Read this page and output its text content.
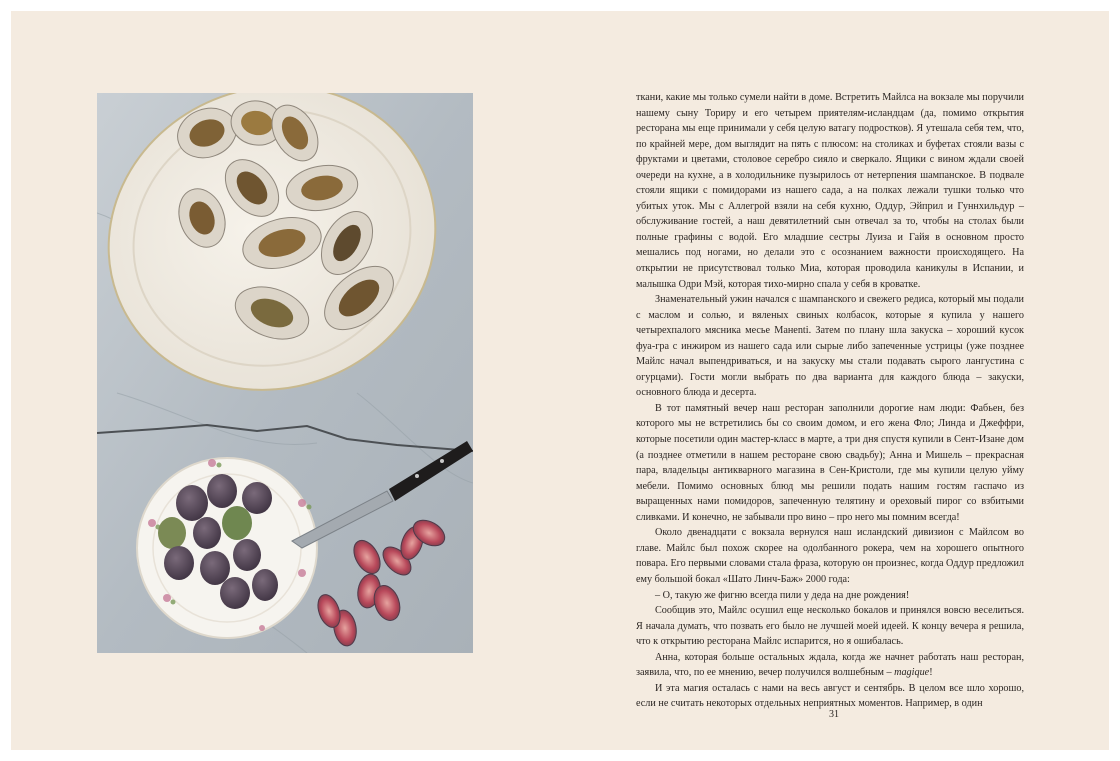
ткани, какие мы только сумели найти в доме. Встретить Майлса на вокзале мы поручили нашему сыну Ториру и его четырем приятелям-исландцам (да, помимо открытия ресторана мы еще принимали у себя целую ватагу подростков). Я утешала себя тем, что, по крайней мере, дом выглядит на пять с плюсом: на столиках и буфетах стояли вазы с фруктами и цветами, столовое серебро сияло и сверкало. Ящики с вином ждали своей очереди на кухне, а в холодильнике пузырилось от нетерпения шампанское. В подвале стояли ящики с помидорами из нашего сада, а на полках лежали тушки только что убитых уток. Мы с Аллегрой взяли на себя кухню, Оддур, Эйприл и Гуннхильдур – обслуживание гостей, а наш девятилетний сын отвечал за то, чтобы на столах были полные графины с водой. Его младшие сестры Луиза и Гайя в основном просто мешались под ногами, но делали это с осознанием важности происходящего. На открытии не присутствовал только Миа, которая проводила каникулы в Испании, и малышка Одри Мэй, которая тихо-мирно спала у себя в кроватке.

Знаменательный ужин начался с шампанского и свежего редиса, который мы подали с маслом и солью, и вяленых свиных колбасок, которые я купила у нашего четырехпалого мясника месье Манenti. Затем по плану шла закуска – хороший кусок фуа-гра с инжиром из нашего сада или сырые либо запеченные устрицы (уже позднее Майлс начал выпендриваться, и на закуску мы стали подавать сырого лангустина с огурцами). Гости могли выбрать по два варианта для каждого блюда – закуски, основного блюда и десерта.

В тот памятный вечер наш ресторан заполнили дорогие нам люди: Фабьен, без которого мы не встретились бы со своим домом, и его жена Фло; Линда и Джеффри, которые посетили один мастер-класс в марте, а три дня спустя купили в Сент-Изане дом (а позднее отметили в нашем ресторане свою свадьбу); Анна и Мишель – прекрасная пара, владельцы антикварного магазина в Сен-Кристоли, где мы купили целую уйму мебели. Помимо основных блюд мы решили подать нашим гостям гаспачо из выращенных нами помидоров, запеченную телятину и ореховый пирог со взбитыми сливками. И конечно, не забывали про вино – про него мы помним всегда!

Около двенадцати с вокзала вернулся наш исландский дивизион с Майлсом во главе. Майлс был похож скорее на одолбанного рокера, чем на хорошего опытного повара. Его первыми словами стала фраза, которую он произнес, когда Оддур предложил ему большой бокал «Шато Линч-Баж» 2000 года:

– О, такую же фигню всегда пили у деда на дне рождения!

Сообщив это, Майлс осушил еще несколько бокалов и принялся вовсю веселиться. Я начала думать, что позвать его было не лучшей моей идеей. К концу вечера я решила, что к открытию ресторана Майлс испарится, но я ошибалась.

Анна, которая больше остальных ждала, когда же начнет работать наш ресторан, заявила, что, по ее мнению, вечер получился волшебным – magique!

И эта магия осталась с нами на весь август и сентябрь. В целом все шло хорошо, если не считать некоторых отдельных неприятных моментов. Например, в один

31
